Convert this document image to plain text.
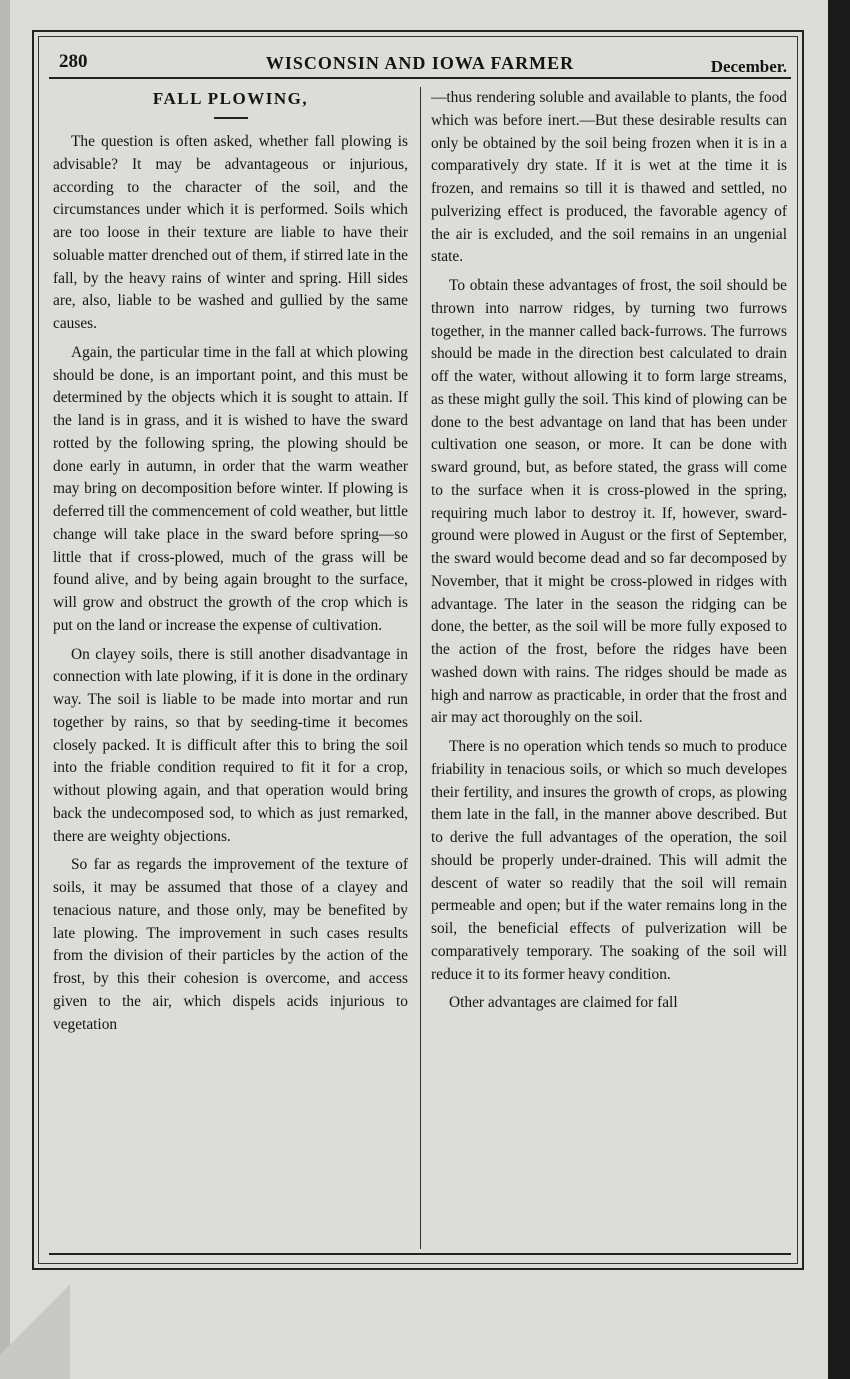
280	WISCONSIN AND IOWA FARMER	December.
FALL PLOWING,

The question is often asked, whether fall plowing is advisable? It may be advantageous or injurious, according to the character of the soil, and the circumstances under which it is performed. Soils which are too loose in their texture are liable to have their soluable matter drenched out of them, if stirred late in the fall, by the heavy rains of winter and spring. Hill sides are, also, liable to be washed and gullied by the same causes.

Again, the particular time in the fall at which plowing should be done, is an important point, and this must be determined by the objects which it is sought to attain. If the land is in grass, and it is wished to have the sward rotted by the following spring, the plowing should be done early in autumn, in order that the warm weather may bring on decomposition before winter. If plowing is deferred till the commencement of cold weather, but little change will take place in the sward before spring—so little that if cross-plowed, much of the grass will be found alive, and by being again brought to the surface, will grow and obstruct the growth of the crop which is put on the land or increase the expense of cultivation.

On clayey soils, there is still another disadvantage in connection with late plowing, if it is done in the ordinary way. The soil is liable to be made into mortar and run together by rains, so that by seeding-time it becomes closely packed. It is difficult after this to bring the soil into the friable condition required to fit it for a crop, without plowing again, and that operation would bring back the undecomposed sod, to which as just remarked, there are weighty objections.

So far as regards the improvement of the texture of soils, it may be assumed that those of a clayey and tenacious nature, and those only, may be benefited by late plowing. The improvement in such cases results from the division of their particles by the action of the frost, by this their cohesion is overcome, and access given to the air, which dispels acids injurious to vegetation

—thus rendering soluble and available to plants, the food which was before inert.—But these desirable results can only be obtained by the soil being frozen when it is in a comparatively dry state. If it is wet at the time it is frozen, and remains so till it is thawed and settled, no pulverizing effect is produced, the favorable agency of the air is excluded, and the soil remains in an ungenial state.

To obtain these advantages of frost, the soil should be thrown into narrow ridges, by turning two furrows together, in the manner called back-furrows. The furrows should be made in the direction best calculated to drain off the water, without allowing it to form large streams, as these might gully the soil. This kind of plowing can be done to the best advantage on land that has been under cultivation one season, or more. It can be done with sward ground, but, as before stated, the grass will come to the surface when it is cross-plowed in the spring, requiring much labor to destroy it. If, however, sward-ground were plowed in August or the first of September, the sward would become dead and so far decomposed by November, that it might be cross-plowed in ridges with advantage. The later in the season the ridging can be done, the better, as the soil will be more fully exposed to the action of the frost, before the ridges have been washed down with rains. The ridges should be made as high and narrow as practicable, in order that the frost and air may act thoroughly on the soil.

There is no operation which tends so much to produce friability in tenacious soils, or which so much developes their fertility, and insures the growth of crops, as plowing them late in the fall, in the manner above described. But to derive the full advantages of the operation, the soil should be properly under-drained. This will admit the descent of water so readily that the soil will remain permeable and open; but if the water remains long in the soil, the beneficial effects of pulverization will be comparatively temporary. The soaking of the soil will reduce it to its former heavy condition.

Other advantages are claimed for fall
